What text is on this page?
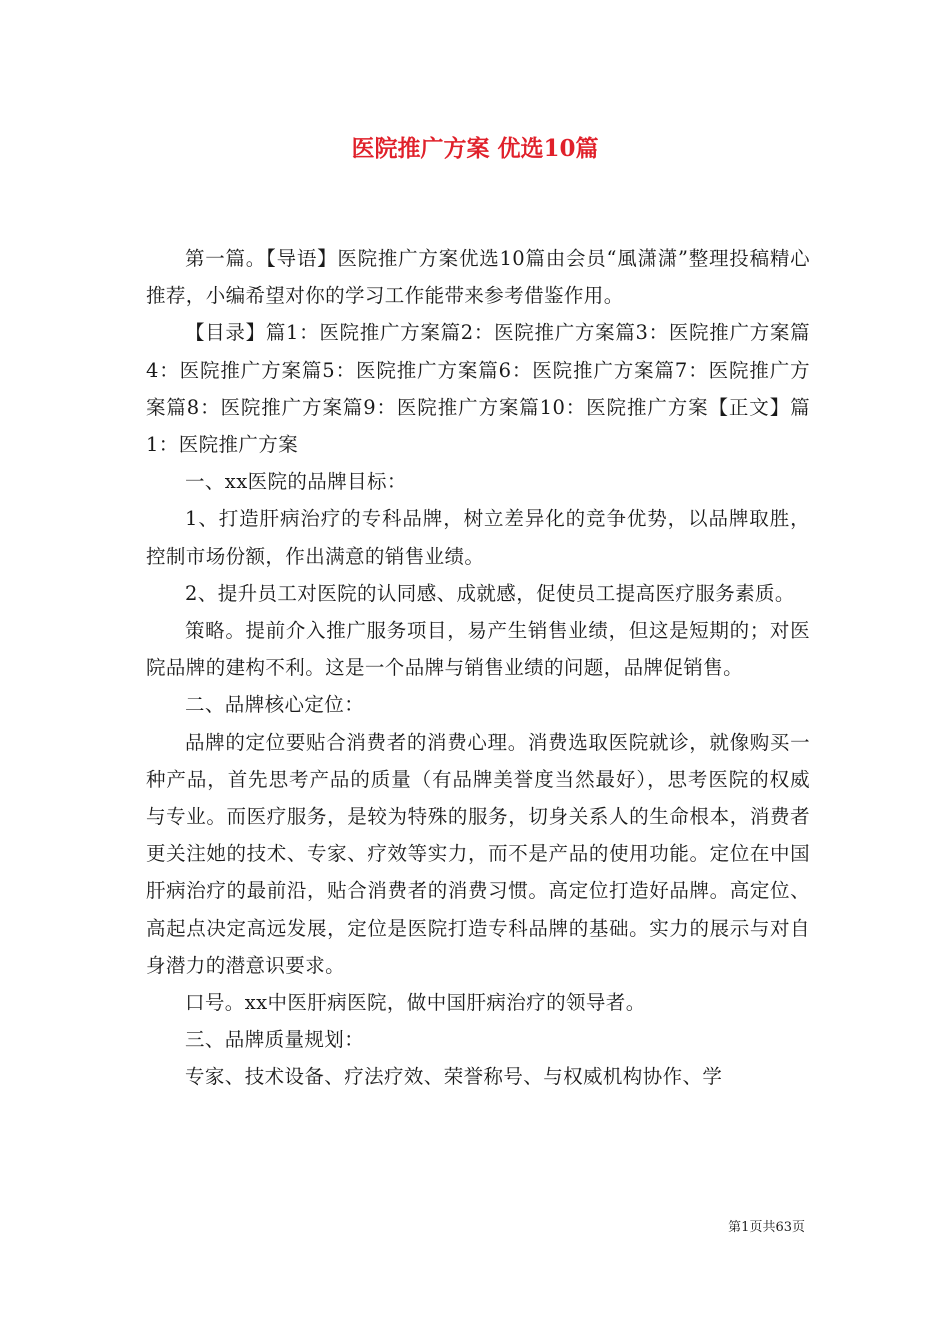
医院推广方案 优选10篇

第一篇。【导语】医院推广方案优选10篇由会员“風潇潇”整理投稿精心推荐，小编希望对你的学习工作能带来参考借鉴作用。

【目录】篇1：医院推广方案篇2：医院推广方案篇3：医院推广方案篇4：医院推广方案篇5：医院推广方案篇6：医院推广方案篇7：医院推广方案篇8：医院推广方案篇9：医院推广方案篇10：医院推广方案【正文】篇1：医院推广方案

一、xx医院的品牌目标：

1、打造肝病治疗的专科品牌，树立差异化的竞争优势，以品牌取胜，控制市场份额，作出满意的销售业绩。

2、提升员工对医院的认同感、成就感，促使员工提高医疗服务素质。

策略。提前介入推广服务项目，易产生销售业绩，但这是短期的；对医院品牌的建构不利。这是一个品牌与销售业绩的问题，品牌促销售。

二、品牌核心定位：

品牌的定位要贴合消费者的消费心理。消费选取医院就诊，就像购买一种产品，首先思考产品的质量（有品牌美誉度当然最好），思考医院的权威与专业。而医疗服务，是较为特殊的服务，切身关系人的生命根本，消费者更关注她的技术、专家、疗效等实力，而不是产品的使用功能。定位在中国肝病治疗的最前沿，贴合消费者的消费习惯。高定位打造好品牌。高定位、高起点决定高远发展，定位是医院打造专科品牌的基础。实力的展示与对自身潜力的潜意识要求。

口号。xx中医肝病医院，做中国肝病治疗的领导者。

三、品牌质量规划：

专家、技术设备、疗法疗效、荣誉称号、与权威机构协作、学

第1页共63页
